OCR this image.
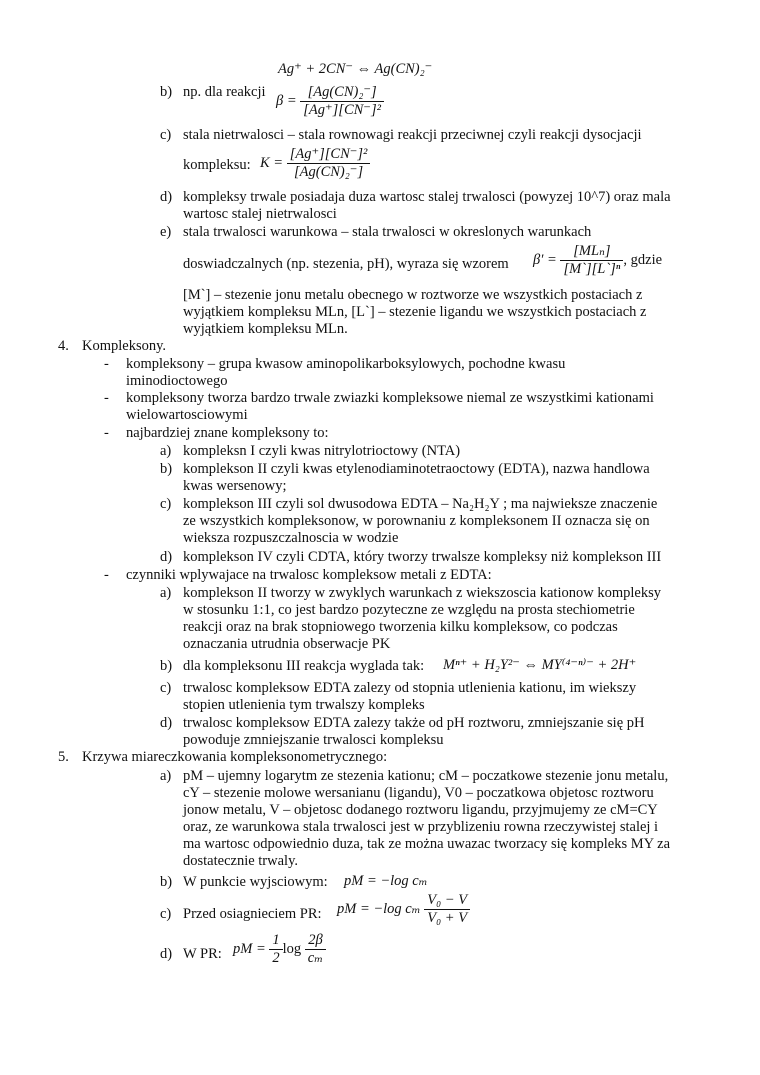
Ag⁺ + 2CN⁻ ⇔ Ag(CN)₂⁻
b) np. dla reakcji
$\beta = \frac{\text{[Ag(CN)₂⁻]}}{\text{[Ag⁺][CN⁻]²}}$
c) stala nietrwalosci – stala rownowagi reakcji przeciwnej czyli reakcji dysocjacji
kompleksu: $K = \frac{\text{[Ag⁺][CN⁻]²}}{\text{[Ag(CN)₂⁻]}}$
d) kompleksy trwale posiadaja duza wartosc stalej trwalosci (powyzej 10^7) oraz mala
wartosc stalej nietrwalosci
e) stala trwalosci warunkowa – stala trwalosci w okreslonych warunkach
doswiadczalnych (np. stezenia, pH), wyraza się wzorem $\beta' = \frac{\text{[MLₙ]}}{\text{[M`][L`]ⁿ}}$ , gdzie
[M`] – stezenie jonu metalu obecnego w roztworze we wszystkich postaciach z
wyjątkiem kompleksu MLn, [L`] – stezenie ligandu we wszystkich postaciach z
wyjątkiem kompleksu MLn.
4. Kompleksony.
- kompleksony – grupa kwasow aminopolikarboksylowych, pochodne kwasu
iminodioctowego
- kompleksony tworza bardzo trwale zwiazki kompleksowe niemal ze wszystkimi kationami
wielowartosciowymi
- najbardziej znane kompleksony to:
a) kompleksn I czyli kwas nitrylotrioctowy (NTA)
b) komplekson II czyli kwas etylenodiaminotetraoctowy (EDTA), nazwa handlowa
kwas wersenowy;
c) komplekson III czyli sol dwusodowa EDTA – Na₂H₂Y ; ma najwieksze znaczenie
ze wszystkich kompleksonow, w porownaniu z kompleksonem II oznacza się on
wieksza rozpuszczalnoscia w wodzie
d) komplekson IV czyli CDTA, który tworzy trwalsze kompleksy niż komplekson III
- czynniki wplywajace na trwalosc kompleksow metali z EDTA:
a) komplekson II tworzy w zwyklych warunkach z wiekszoscia kationow kompleksy
w stosunku 1:1, co jest bardzo pozyteczne ze względu na prosta stechiometrie
reakcji oraz na brak stopniowego tworzenia kilku kompleksow, co podczas
oznaczania utrudnia obserwacje PK
b) dla kompleksonu III reakcja wyglada tak: Mⁿ⁺ + H₂Y²⁻ ⇔ MY⁽⁴⁻ⁿ⁾⁻ + 2H⁺
c) trwalosc kompleksow EDTA zalezy od stopnia utlenienia kationu, im wiekszy
stopien utlenienia tym trwalszy kompleks
d) trwalosc kompleksow EDTA zalezy także od pH roztworu, zmniejszanie się pH
powoduje zmniejszanie trwalosci kompleksu
5. Krzywa miareczkowania kompleksonometrycznego:
a) pM – ujemny logarytm ze stezenia kationu; cM – poczatkowe stezenie jonu metalu,
cY – stezenie molowe wersanianu (ligandu), V0 – poczatkowa objetosc roztworu
jonow metalu, V – objetosc dodanego roztworu ligandu, przyjmujemy ze cM=CY
oraz, ze warunkowa stala trwalosci jest w przyblizeniu rowna rzeczywistej stalej i
ma wartosc odpowiednio duza, tak ze można uwazac tworzacy się kompleks MY za
dostatecznie trwaly.
b) W punkcie wyjsciowym: pM = −log cₘ
c) Przed osiagnieciem PR: pM = −log cₘ $\frac{\text{V₀ − V}}{\text{V₀ + V}}$
d) W PR: pM = $\frac{1}{2}$ $\log \frac{2\beta}{\text{cₘ}}$
